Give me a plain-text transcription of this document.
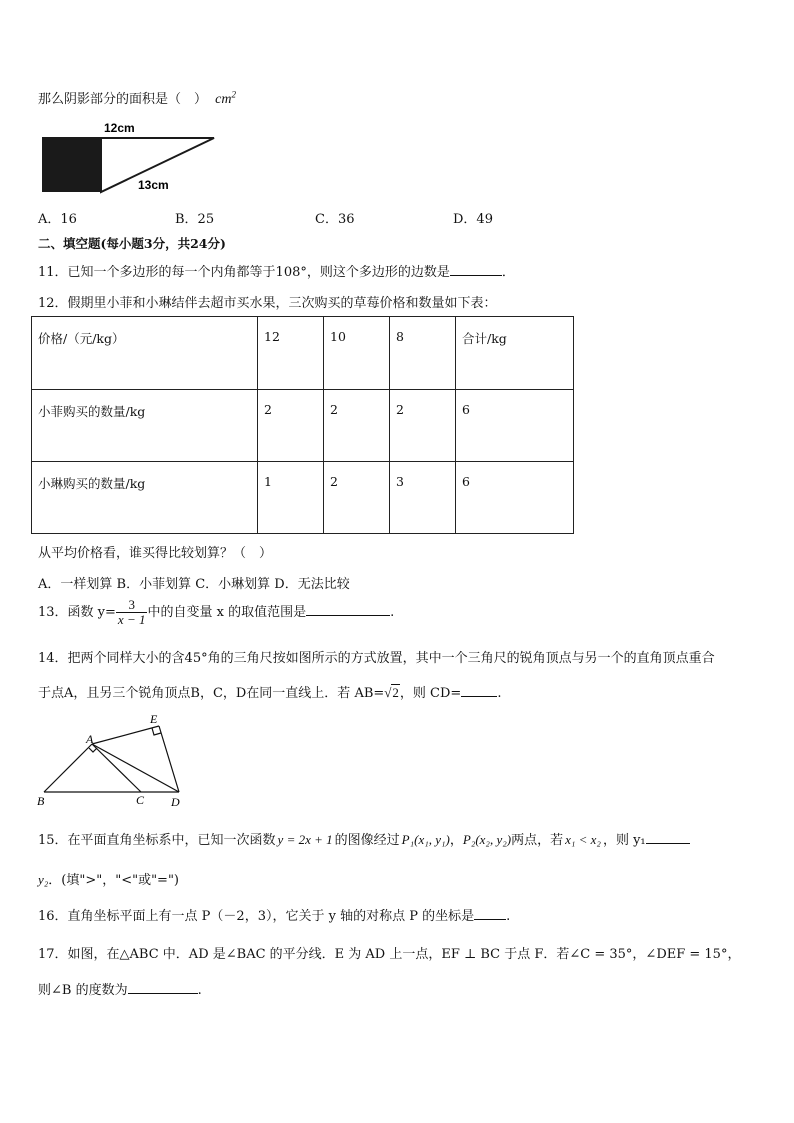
那么阴影部分的面积是（　） $cm^2$
12cm
13cm
A．16	B．25	C．36	D．49
二、填空题(每小题3分，共24分)
11．已知一个多边形的每一个内角都等于108°，则这个多边形的边数是	．
12．假期里小菲和小琳结伴去超市买水果，三次购买的草莓价格和数量如下表：
价格/（元/kg）	12	10	8	合计/kg
小菲购买的数量/kg	2	2	2	6
小琳购买的数量/kg	1	2	3	6
从平均价格看，谁买得比较划算？（　）
A．一样划算 B．小菲划算 C．小琳划算 D．无法比较
13．函数 $y= \frac{3}{x - 1}$ 中的自变量 x 的取值范围是	.
14．把两个同样大小的含45°角的三角尺按如图所示的方式放置，其中一个三角尺的锐角顶点与另一个的直角顶点重合
于点A，且另三个锐角顶点B，C，D在同一直线上．若 AB=√2，则 CD=	.
A
B	C D
E
15．在平面直角坐标系中，已知一次函数 y = 2x + 1 的图像经过 P₁(x₁, y₁)，P₂(x₂, y₂)两点，若 x₁ < x₂ ，则 y₁
y₂．(填">"，"<"或"=")
16．直角坐标平面上有一点 P（－2，3），它关于 y 轴的对称点 P 的坐标是 .
17．如图，在△ABC 中．AD 是∠BAC 的平分线．E 为 AD 上一点，EF ⊥ BC 于点 F．若∠C = 35°，∠DEF = 15°，
则∠B 的度数为	.
